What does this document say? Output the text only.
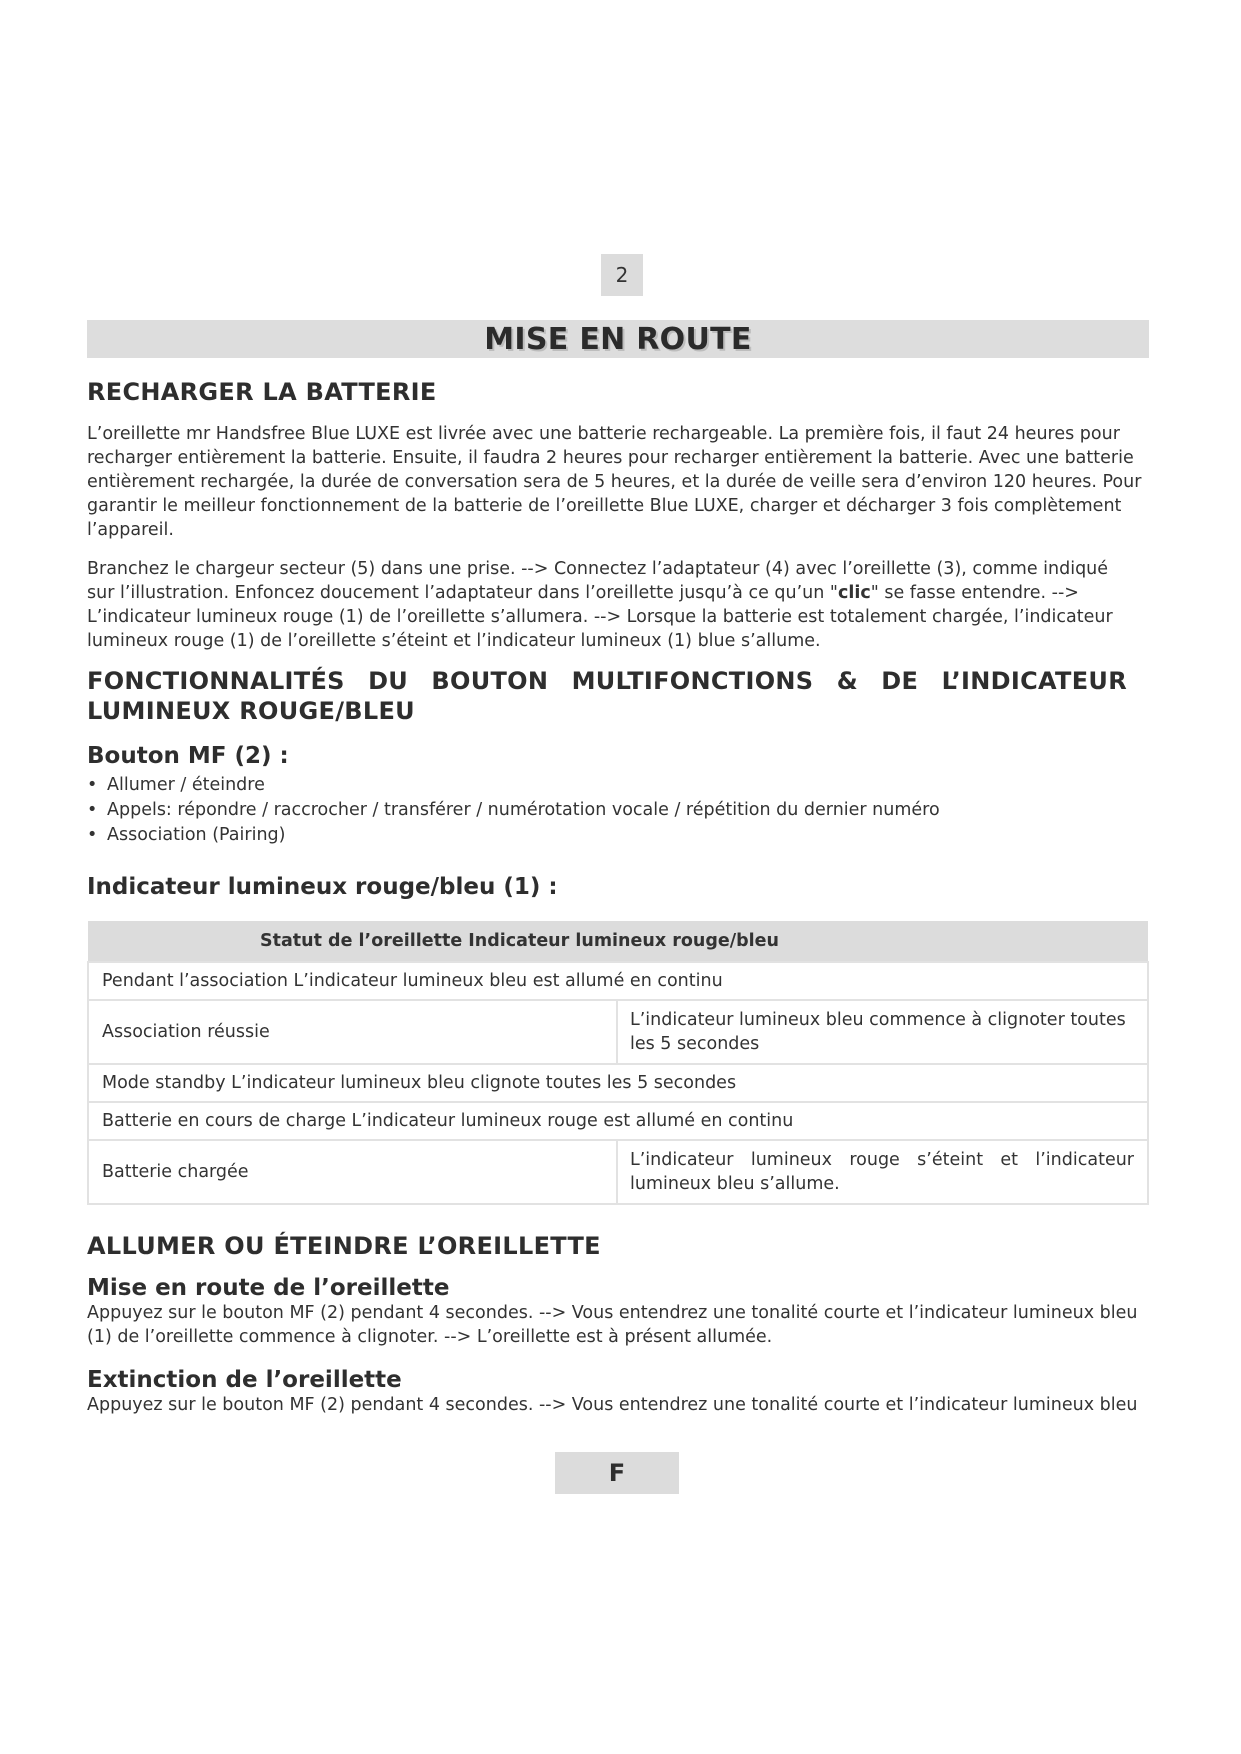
2
MISE EN ROUTE
RECHARGER LA BATTERIE
L’oreillette mr Handsfree Blue LUXE est livrée avec une batterie rechargeable. La première fois, il faut 24 heures pour
recharger entièrement la batterie. Ensuite, il faudra 2 heures pour recharger entièrement la batterie. Avec une batterie
entièrement rechargée, la durée de conversation sera de 5 heures, et la durée de veille sera d’environ 120 heures. Pour
garantir le meilleur fonctionnement de la batterie de l’oreillette Blue LUXE, charger et décharger 3 fois complètement
l’appareil.
Branchez le chargeur secteur (5) dans une prise. --> Connectez l’adaptateur (4) avec l’oreillette (3), comme indiqué
sur l’illustration. Enfoncez doucement l’adaptateur dans l’oreillette jusqu’à ce qu’un "clic" se fasse entendre. -->
L’indicateur lumineux rouge (1) de l’oreillette s’allumera. --> Lorsque la batterie est totalement chargée, l’indicateur
lumineux rouge (1) de l’oreillette s’éteint et l’indicateur lumineux (1) blue s’allume.
FONCTIONNALITÉS DU BOUTON MULTIFONCTIONS & DE L’INDICATEUR LUMINEUX ROUGE/BLEU
Bouton MF (2) :
• Allumer / éteindre
• Appels: répondre / raccrocher / transférer / numérotation vocale / répétition du dernier numéro
• Association (Pairing)
Indicateur lumineux rouge/bleu (1) :
Statut de l’oreillette Indicateur lumineux rouge/bleu	
Pendant l’association L’indicateur lumineux bleu est allumé en continu	
Association réussie	L’indicateur lumineux bleu commence à clignoter toutes les 5 secondes
Mode standby L’indicateur lumineux bleu clignote toutes les 5 secondes	
Batterie en cours de charge L’indicateur lumineux rouge est allumé en continu	
Batterie chargée	L’indicateur lumineux rouge s’éteint et l’indicateur lumineux bleu s’allume.
ALLUMER OU ÉTEINDRE L’OREILLETTE
Mise en route de l’oreillette
Appuyez sur le bouton MF (2) pendant 4 secondes. --> Vous entendrez une tonalité courte et l’indicateur lumineux bleu
(1) de l’oreillette commence à clignoter. --> L’oreillette est à présent allumée.
Extinction de l’oreillette
Appuyez sur le bouton MF (2) pendant 4 secondes. --> Vous entendrez une tonalité courte et l’indicateur lumineux bleu
F
